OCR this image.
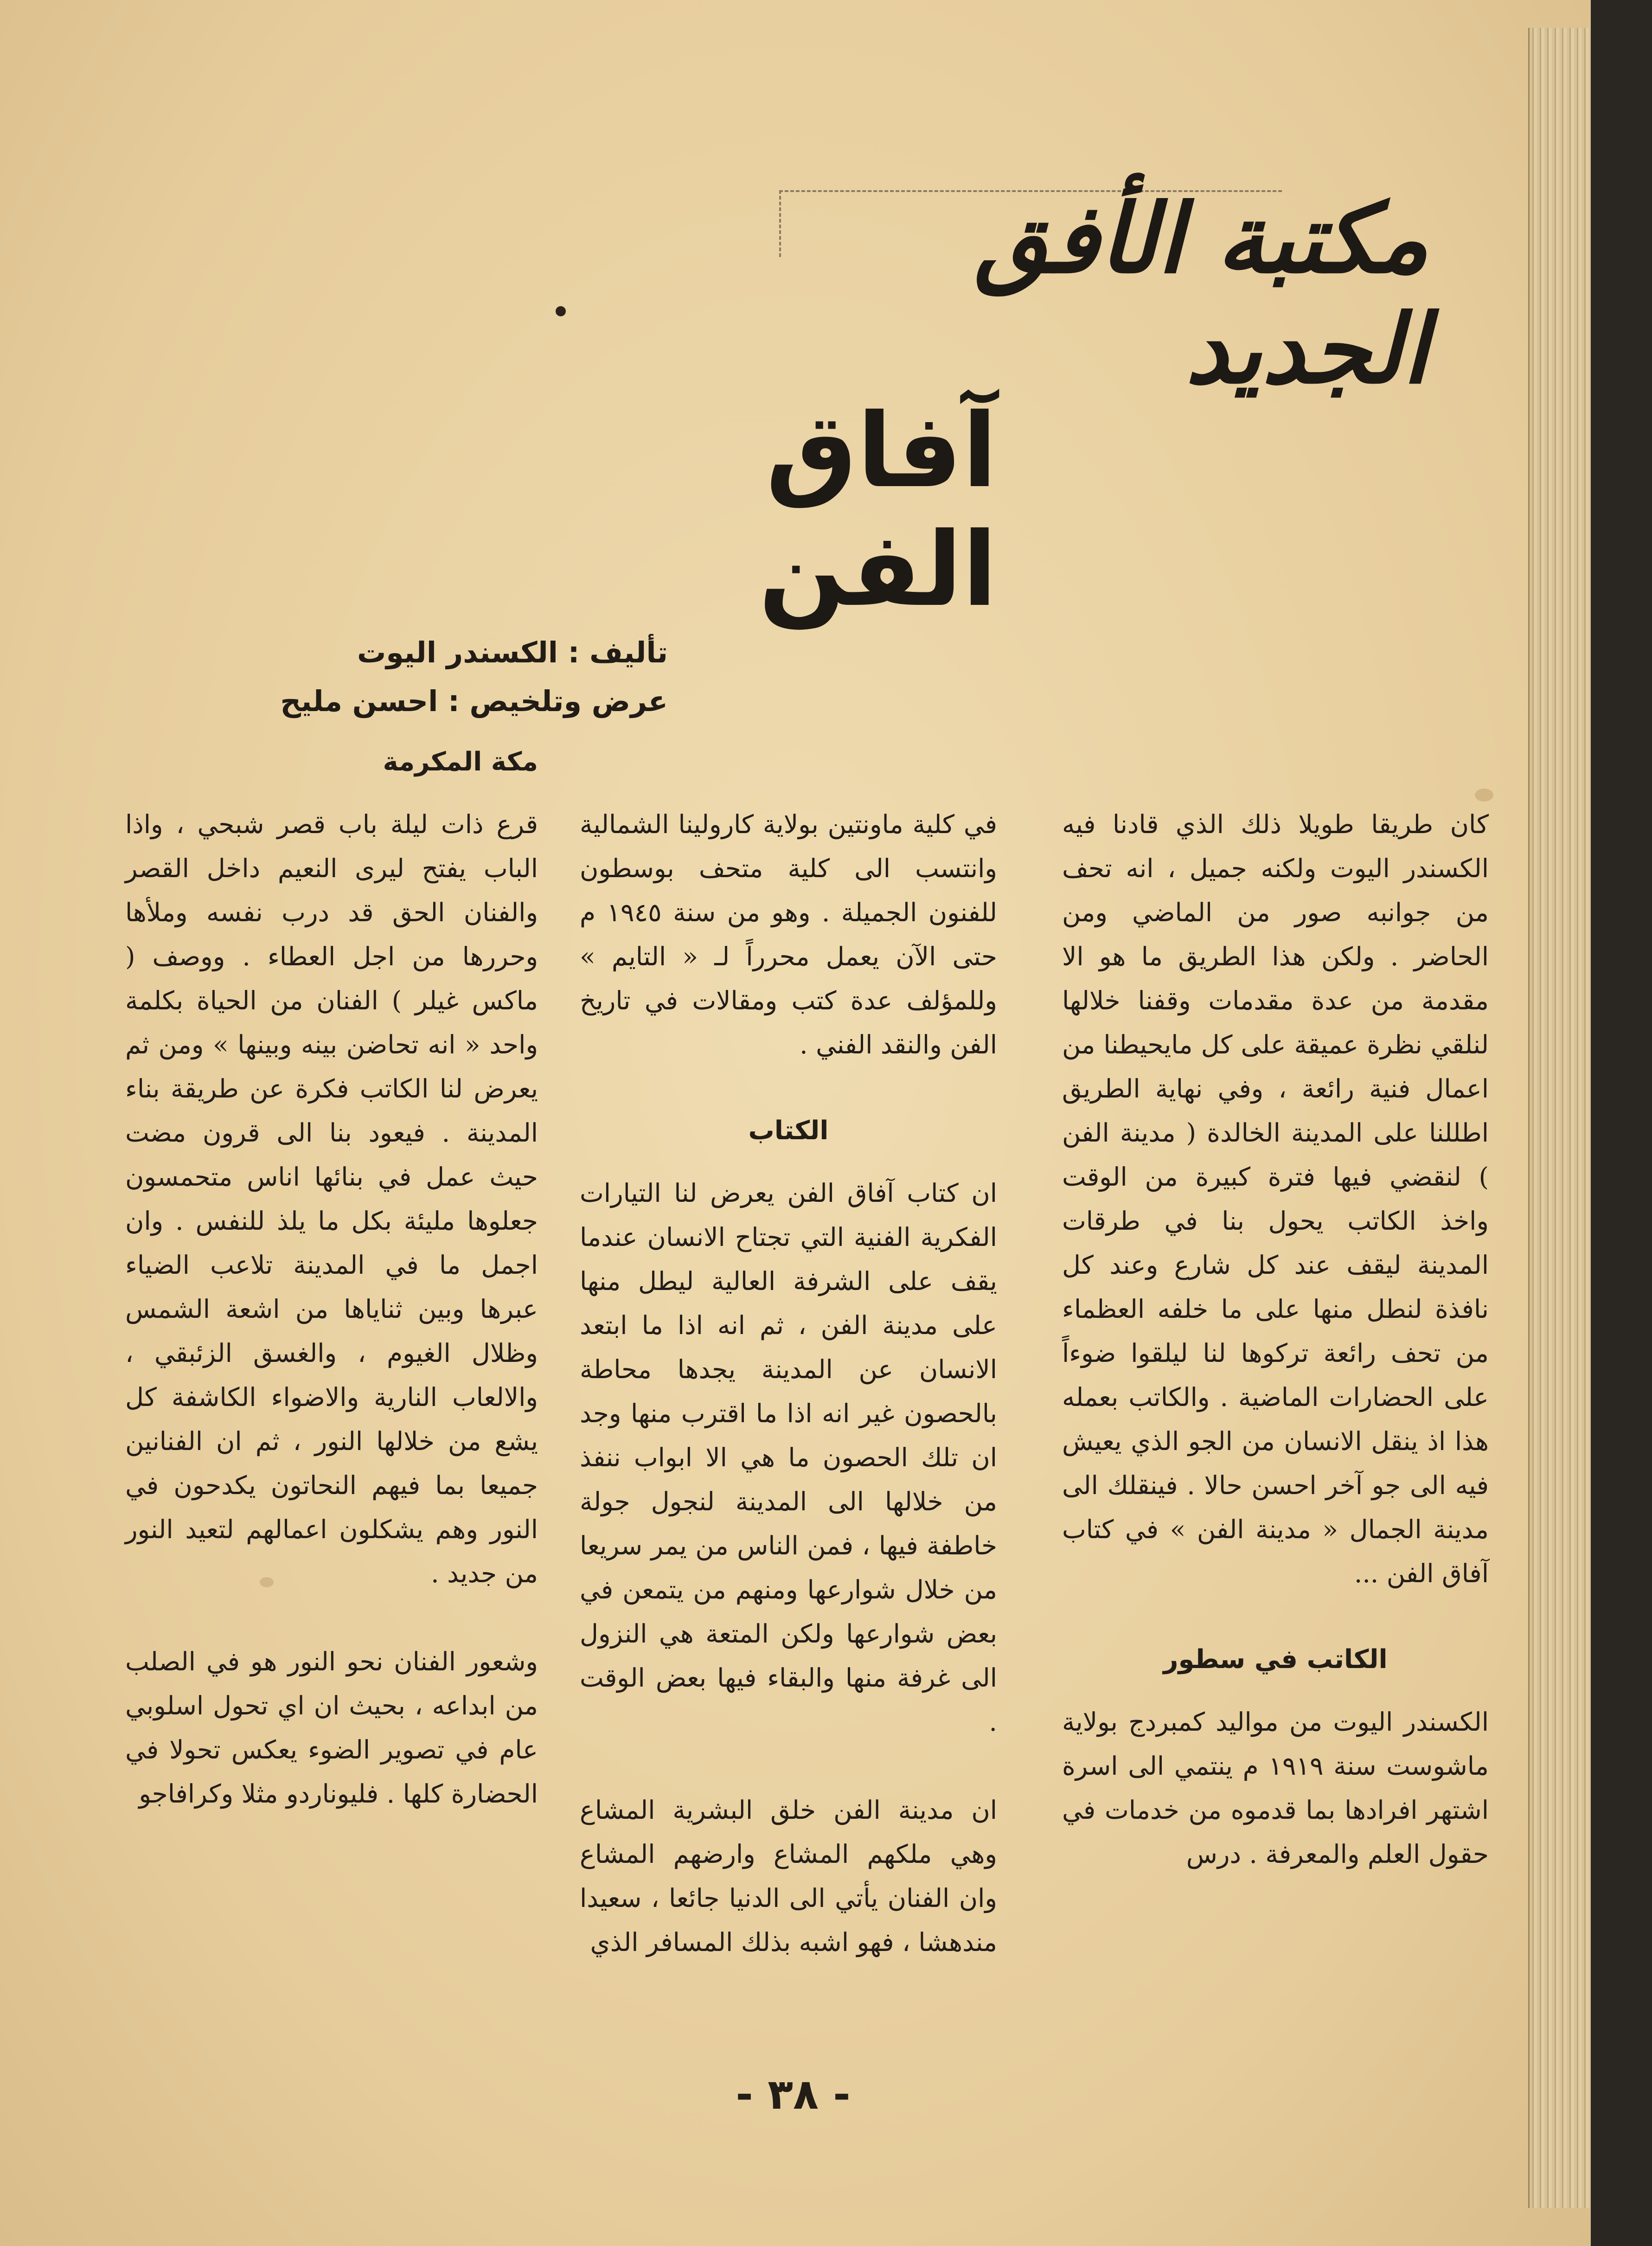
مكتبة الأفق الجديد
آفاق الفن
تأليف : الكسندر اليوت
عرض وتلخيص : احسن مليح

كان طريقا طويلا ذلك الذي قادنا فيه الكسندر اليوت ولكنه جميل ، انه تحف من جوانبه صور من الماضي ومن الحاضر . ولكن هذا الطريق ما هو الا مقدمة من عدة مقدمات وقفنا خلالها لنلقي نظرة عميقة على كل مايحيطنا من اعمال فنية رائعة ، وفي نهاية الطريق اطللنا على المدينة الخالدة ( مدينة الفن ) لنقضي فيها فترة كبيرة من الوقت واخذ الكاتب يحول بنا في طرقات المدينة ليقف عند كل شارع وعند كل نافذة لنطل منها على ما خلفه العظماء من تحف رائعة تركوها لنا ليلقوا ضوءاً على الحضارات الماضية . والكاتب بعمله هذا اذ ينقل الانسان من الجو الذي يعيش فيه الى جو آخر احسن حالا . فينقلك الى مدينة الجمال « مدينة الفن » في كتاب آفاق الفن ...

الكاتب في سطور

الكسندر اليوت من مواليد كمبردج بولاية ماشوست سنة ١٩١٩ م ينتمي الى اسرة اشتهر افرادها بما قدموه من خدمات في حقول العلم والمعرفة . درس

في كلية ماونتين بولاية كارولينا الشمالية وانتسب الى كلية متحف بوسطون للفنون الجميلة . وهو من سنة ١٩٤٥ م حتى الآن يعمل محرراً لـ « التايم » وللمؤلف عدة كتب ومقالات في تاريخ الفن والنقد الفني .

الكتاب

ان كتاب آفاق الفن يعرض لنا التيارات الفكرية الفنية التي تجتاح الانسان عندما يقف على الشرفة العالية ليطل منها على مدينة الفن ، ثم انه اذا ما ابتعد الانسان عن المدينة يجدها محاطة بالحصون غير انه اذا ما اقترب منها وجد ان تلك الحصون ما هي الا ابواب ننفذ من خلالها الى المدينة لنجول جولة خاطفة فيها ، فمن الناس من يمر سريعا من خلال شوارعها ومنهم من يتمعن في بعض شوارعها ولكن المتعة هي النزول الى غرفة منها والبقاء فيها بعض الوقت .

ان مدينة الفن خلق البشرية المشاع وهي ملكهم المشاع وارضهم المشاع وان الفنان يأتي الى الدنيا جائعا ، سعيدا مندهشا ، فهو اشبه بذلك المسافر الذي

مكة المكرمة

قرع ذات ليلة باب قصر شبحي ، واذا الباب يفتح ليرى النعيم داخل القصر والفنان الحق قد درب نفسه وملأها وحررها من اجل العطاء . ووصف ( ماكس غيلر ) الفنان من الحياة بكلمة واحد « انه تحاضن بينه وبينها » ومن ثم يعرض لنا الكاتب فكرة عن طريقة بناء المدينة . فيعود بنا الى قرون مضت حيث عمل في بنائها اناس متحمسون جعلوها مليئة بكل ما يلذ للنفس . وان اجمل ما في المدينة تلاعب الضياء عبرها وبين ثناياها من اشعة الشمس وظلال الغيوم ، والغسق الزئبقي ، والالعاب النارية والاضواء الكاشفة كل يشع من خلالها النور ، ثم ان الفنانين جميعا بما فيهم النحاتون يكدحون في النور وهم يشكلون اعمالهم لتعيد النور من جديد .

وشعور الفنان نحو النور هو في الصلب من ابداعه ، بحيث ان اي تحول اسلوبي عام في تصوير الضوء يعكس تحولا في الحضارة كلها . فليوناردو مثلا وكرافاجو

- ٣٨ -
